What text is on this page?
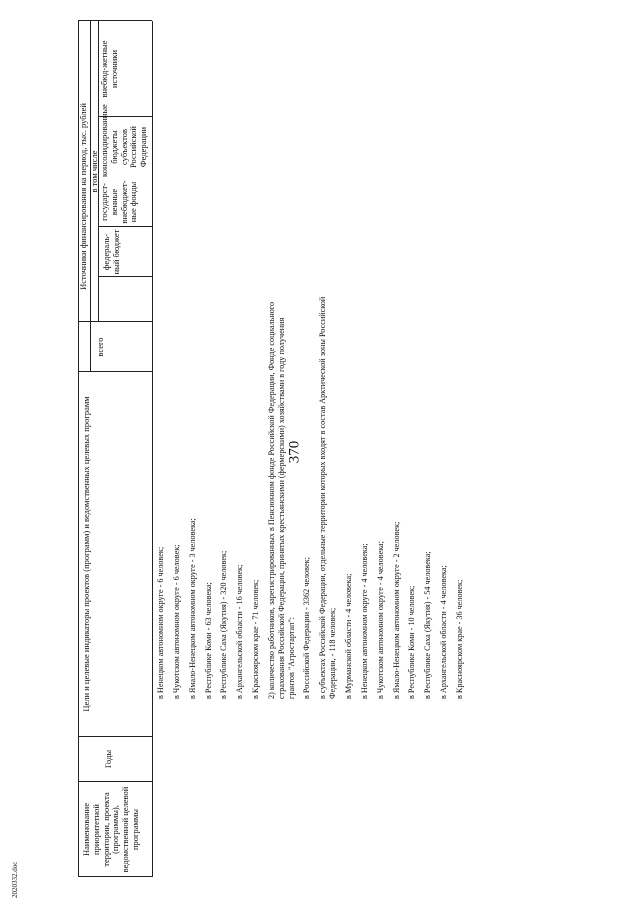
370
2020332.doc
Наименование приоритетной территории, проекта (программы), ведомственной целевой программы
Годы
Цели и целевые индикаторы проектов (программ) и ведомственных целевых программ
Источники финансирования на период, тыс. рублей
всего
в том числе
федераль-ный бюджет
государст-венные внебюджет-ные фонды
консолидированные бюджеты субъектов Российской Федерации
внебюд-жетные источники

в Ненецком автономном округе - 6 человек; в Чукотском автономном округе - 6 человек; в Ямало-Ненецком автономном округе - 3 человека; в Республике Коми - 63 человека; в Республике Саха (Якутия) - 320 человек; в Архангельской области - 16 человек; в Красноярском крае - 71 человек; 2) количество работников, зарегистрированных в Пенсионном фонде Российской Федерации, Фонде социального страхования Российской Федерации, принятых крестьянскими (фермерскими) хозяйствами в году получения грантов "Агростартап": в Российской Федерации - 3362 человек; в субъектах Российской Федерации, отдельные территории которых входят в состав Арктической зоны Российской Федерации, - 118 человек; в Мурманской области - 4 человека; в Ненецком автономном округе - 4 человека; в Чукотском автономном округе - 4 человека; в Ямало-Ненецком автономном округе - 2 человек; в Республике Коми - 10 человек; в Республике Саха (Якутия) - 54 человека; в Архангельской области - 4 человека; в Красноярском крае - 36 человек;
